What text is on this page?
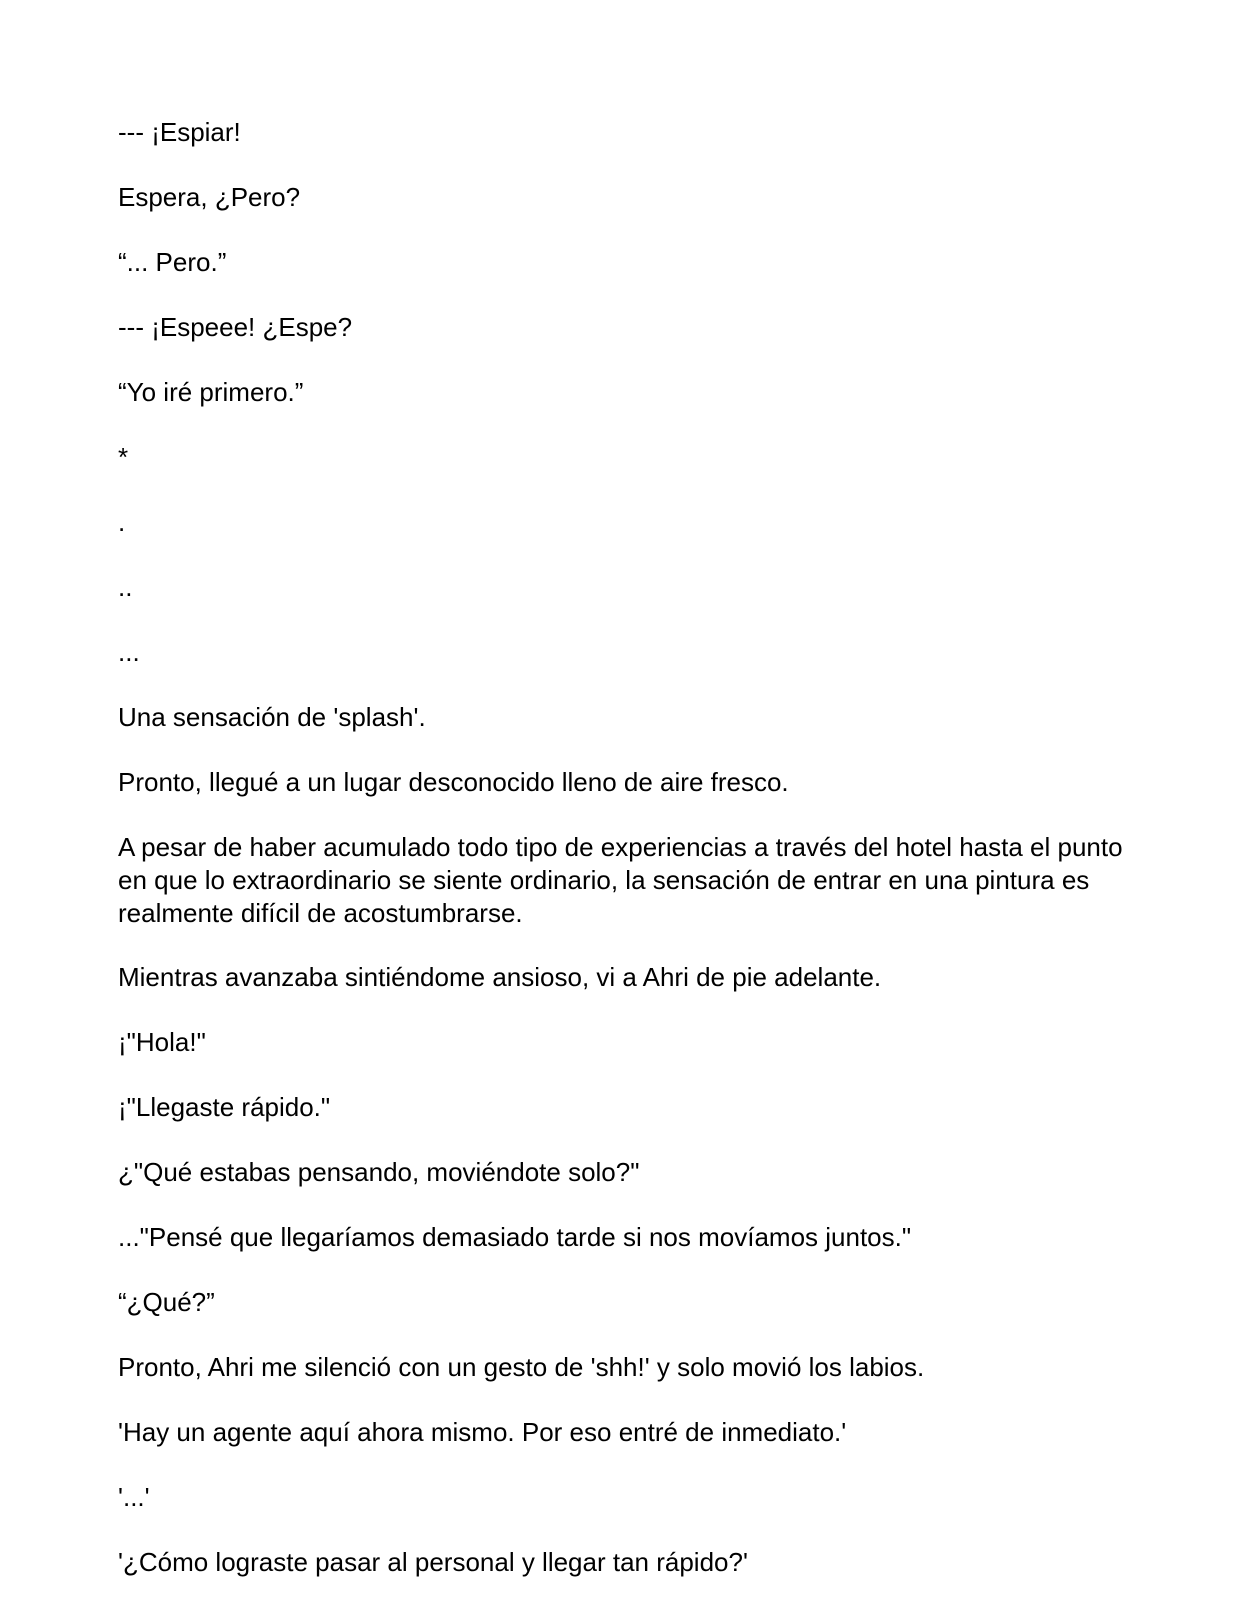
--- ¡Espiar!

Espera, ¿Pero?

“... Pero.”

--- ¡Espeee! ¿Espe?

“Yo iré primero.”

*

.

..

...

Una sensación de 'splash'.

Pronto, llegué a un lugar desconocido lleno de aire fresco.

A pesar de haber acumulado todo tipo de experiencias a través del hotel hasta el punto en que lo extraordinario se siente ordinario, la sensación de entrar en una pintura es realmente difícil de acostumbrarse.

Mientras avanzaba sintiéndome ansioso, vi a Ahri de pie adelante.

¡"Hola!"

¡"Llegaste rápido."

¿"Qué estabas pensando, moviéndote solo?"

..."Pensé que llegaríamos demasiado tarde si nos movíamos juntos."

“¿Qué?”

Pronto, Ahri me silenció con un gesto de 'shh!' y solo movió los labios.

'Hay un agente aquí ahora mismo. Por eso entré de inmediato.'

'...'

'¿Cómo lograste pasar al personal y llegar tan rápido?'
